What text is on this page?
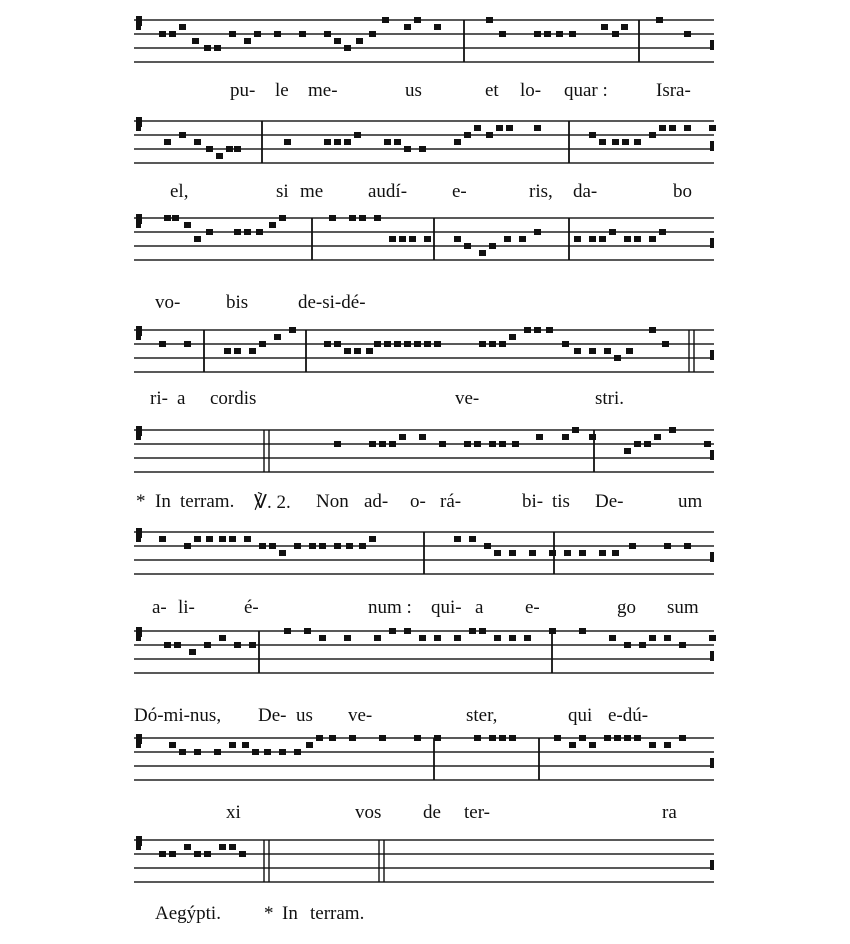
pu- le me-	us	et lo- quar :	Isra-
el,	si me audí- e-	ris, da-	bo
vo- bis	de-si-dé-
ri- a cordis	ve-	stri.
* In terram. ℣. 2. Non ad- o- rá-	bi- tis De-	um
a- li-	é-	num : qui- a e-	go sum
Dó-mi-nus, De- us ve-	ster,	qui e-dú-
xi	vos de ter-	ra
Aegýpti. * In terram.
